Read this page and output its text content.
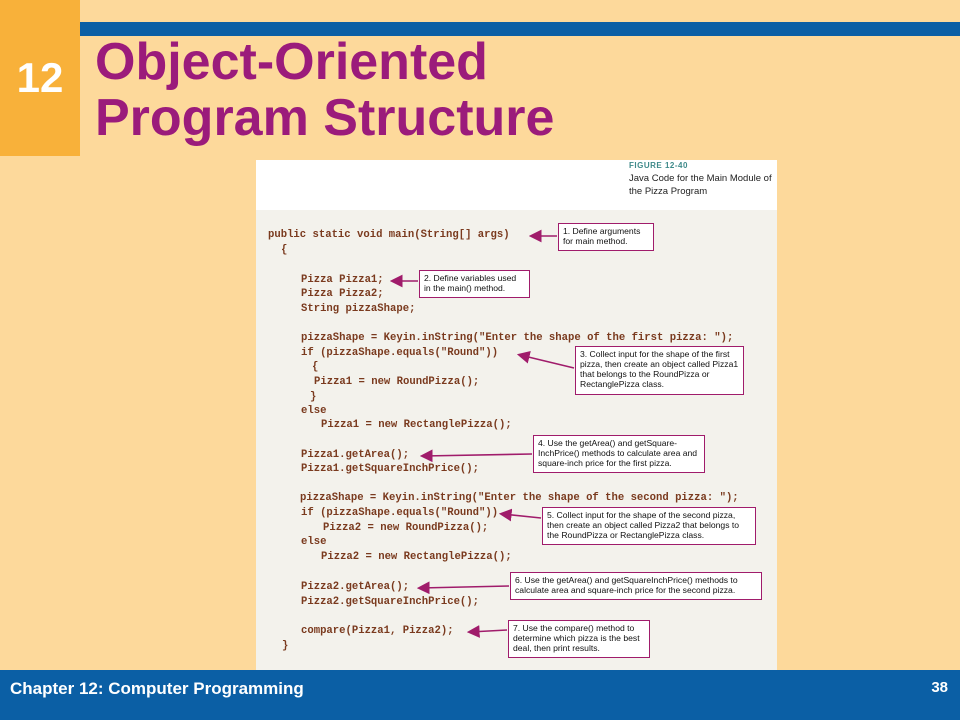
12 Object-Oriented
Program Structure
FIGURE 12-40
Java Code for the Main Module of the Pizza Program
public static void main(String[] args)
{
Pizza Pizza1;
Pizza Pizza2;
String pizzaShape;
pizzaShape = Keyin.inString("Enter the shape of the first pizza: ");
if (pizzaShape.equals("Round"))
{
Pizza1 = new RoundPizza();
}
else
Pizza1 = new RectanglePizza();
Pizza1.getArea();
Pizza1.getSquareInchPrice();
pizzaShape = Keyin.inString("Enter the shape of the second pizza: ");
if (pizzaShape.equals("Round"))
Pizza2 = new RoundPizza();
else
Pizza2 = new RectanglePizza();
Pizza2.getArea();
Pizza2.getSquareInchPrice();
compare(Pizza1, Pizza2);
}
1. Define arguments for main method.
2. Define variables used in the main() method.
3. Collect input for the shape of the first pizza, then create an object called Pizza1 that belongs to the RoundPizza or RectanglePizza class.
4. Use the getArea() and getSquare-InchPrice() methods to calculate area and square-inch price for the first pizza.
5. Collect input for the shape of the second pizza, then create an object called Pizza2 that belongs to the RoundPizza or RectanglePizza class.
6. Use the getArea() and getSquareInchPrice() methods to calculate area and square-inch price for the second pizza.
7. Use the compare() method to determine which pizza is the best deal, then print results.
Chapter 12: Computer Programming	38
